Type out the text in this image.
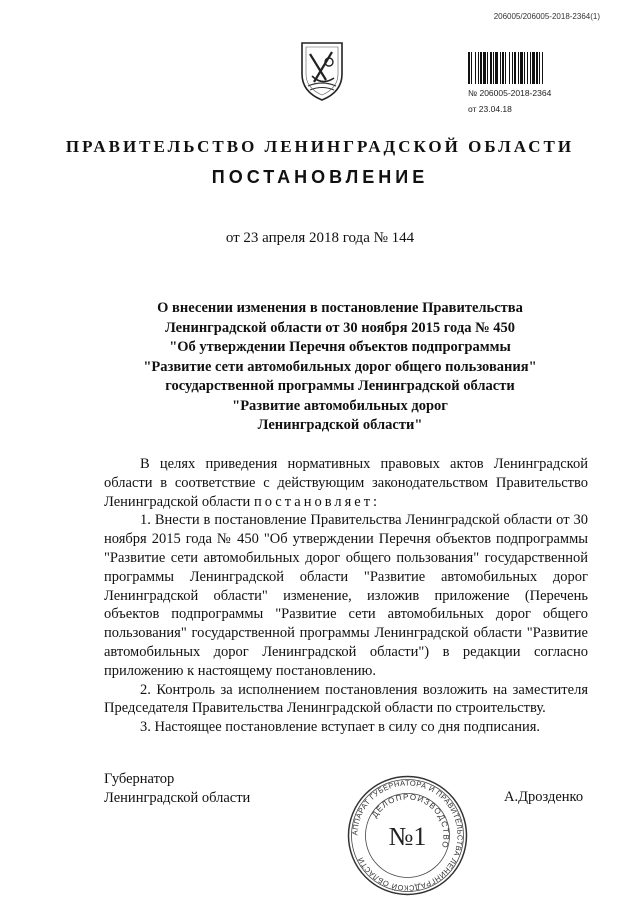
206005/206005-2018-2364(1)
№ 206005-2018-2364
от 23.04.18
ПРАВИТЕЛЬСТВО ЛЕНИНГРАДСКОЙ ОБЛАСТИ
ПОСТАНОВЛЕНИЕ
от 23 апреля 2018 года № 144
О внесении изменения в постановление Правительства
Ленинградской области от 30 ноября 2015 года № 450
"Об утверждении Перечня объектов подпрограммы
"Развитие сети автомобильных дорог общего пользования"
государственной программы Ленинградской области
"Развитие автомобильных дорог
Ленинградской области"

В целях приведения нормативных правовых актов Ленинградской области в соответствие с действующим законодательством Правительство Ленинградской области постановляет:

1. Внести в постановление Правительства Ленинградской области от 30 ноября 2015 года № 450 "Об утверждении Перечня объектов подпрограммы "Развитие сети автомобильных дорог общего пользования" государственной программы Ленинградской области "Развитие автомобильных дорог Ленинградской области" изменение, изложив приложение (Перечень объектов подпрограммы "Развитие сети автомобильных дорог общего пользования" государственной программы Ленинградской области "Развитие автомобильных дорог Ленинградской области") в редакции согласно приложению к настоящему постановлению.

2. Контроль за исполнением постановления возложить на заместителя Председателя Правительства Ленинградской области по строительству.

3. Настоящее постановление вступает в силу со дня подписания.

Губернатор
Ленинградской области
АППАРАТ ГУБЕРНАТОРА И ПРАВИТЕЛЬСТВА ЛЕНИНГРАДСКОЙ ОБЛАСТИ
ДЕЛОПРОИЗВОДСТВО
№1
А.Дрозденко
